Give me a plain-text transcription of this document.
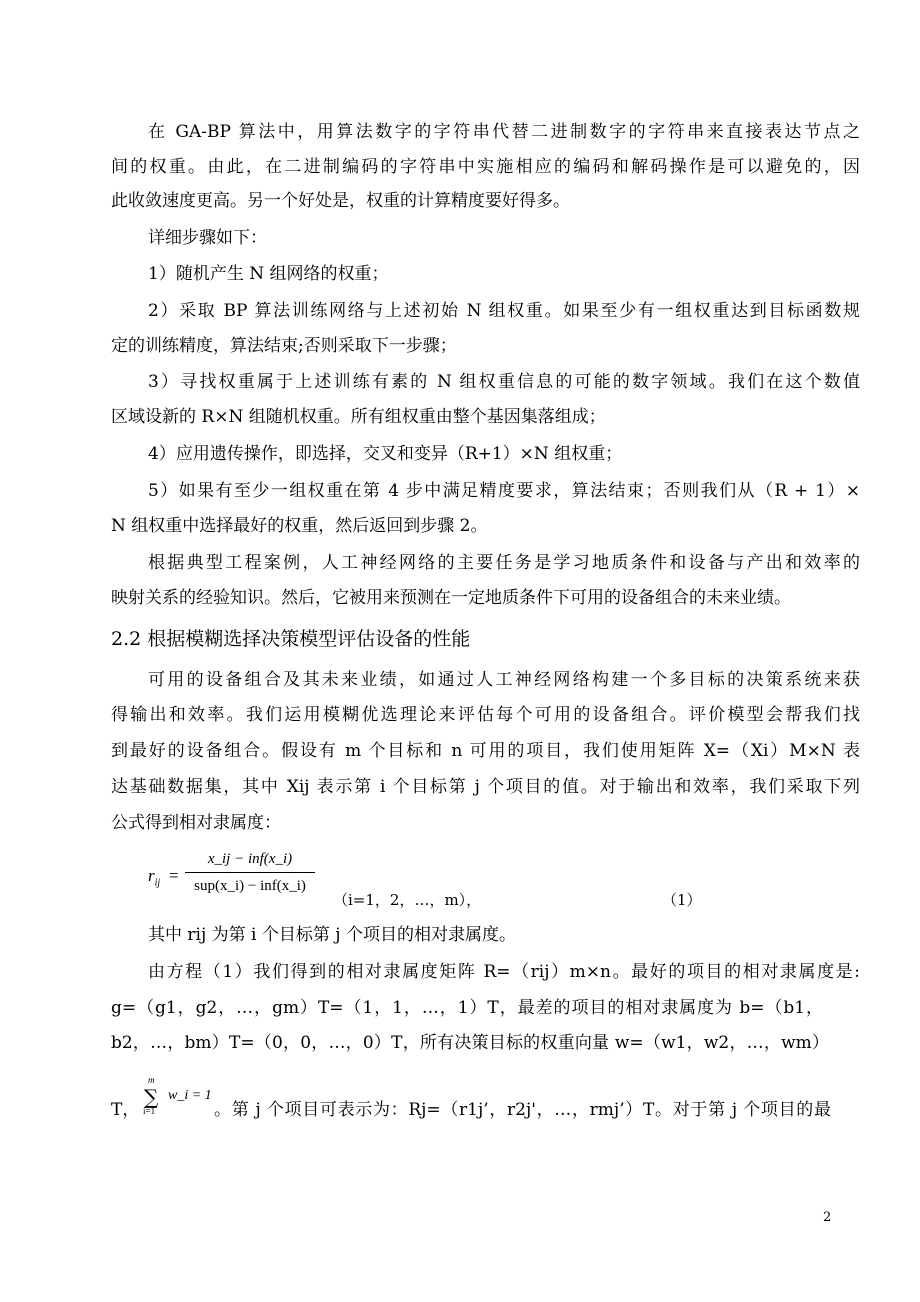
在 GA-BP 算法中，用算法数字的字符串代替二进制数字的字符串来直接表达节点之
间的权重。由此，在二进制编码的字符串中实施相应的编码和解码操作是可以避免的，因
此收敛速度更高。另一个好处是，权重的计算精度要好得多。
详细步骤如下：
1）随机产生 N 组网络的权重；
2）采取 BP 算法训练网络与上述初始 N 组权重。如果至少有一组权重达到目标函数规
定的训练精度，算法结束;否则采取下一步骤；
3）寻找权重属于上述训练有素的 N 组权重信息的可能的数字领域。我们在这个数值
区域设新的 R×N 组随机权重。所有组权重由整个基因集落组成；
4）应用遗传操作，即选择，交叉和变异（R+1）×N 组权重；
5）如果有至少一组权重在第 4 步中满足精度要求，算法结束；否则我们从（R + 1）×
N 组权重中选择最好的权重，然后返回到步骤 2。
根据典型工程案例，人工神经网络的主要任务是学习地质条件和设备与产出和效率的
映射关系的经验知识。然后，它被用来预测在一定地质条件下可用的设备组合的未来业绩。
2.2 根据模糊选择决策模型评估设备的性能
可用的设备组合及其未来业绩，如通过人工神经网络构建一个多目标的决策系统来获
得输出和效率。我们运用模糊优选理论来评估每个可用的设备组合。评价模型会帮我们找
到最好的设备组合。假设有 m 个目标和 n 可用的项目，我们使用矩阵 X=（Xi）M×N 表
达基础数据集，其中 Xij 表示第 i 个目标第 j 个项目的值。对于输出和效率，我们采取下列
公式得到相对隶属度：
$r_{ij}$ =
x_ij − inf(x_i)
sup(x_i) − inf(x_i)
（i=1，2，…，m），	（1）
其中 rij 为第 i 个目标第 j 个项目的相对隶属度。
由方程（1）我们得到的相对隶属度矩阵 R=（rij）m×n。最好的项目的相对隶属度是:
g=（g1，g2，…，gm）T=（1，1，…，1）T，最差的项目的相对隶属度为 b=（b1，
b2，…，bm）T=（0，0，…，0）T，所有决策目标的权重向量 w=（w1，w2，…，wm）
T，
m
∑
i=1
w_i = 1
。第 j 个项目可表示为：Rj=（r1j’，r2j'，…，rmj’）T。对于第 j 个项目的最
2
